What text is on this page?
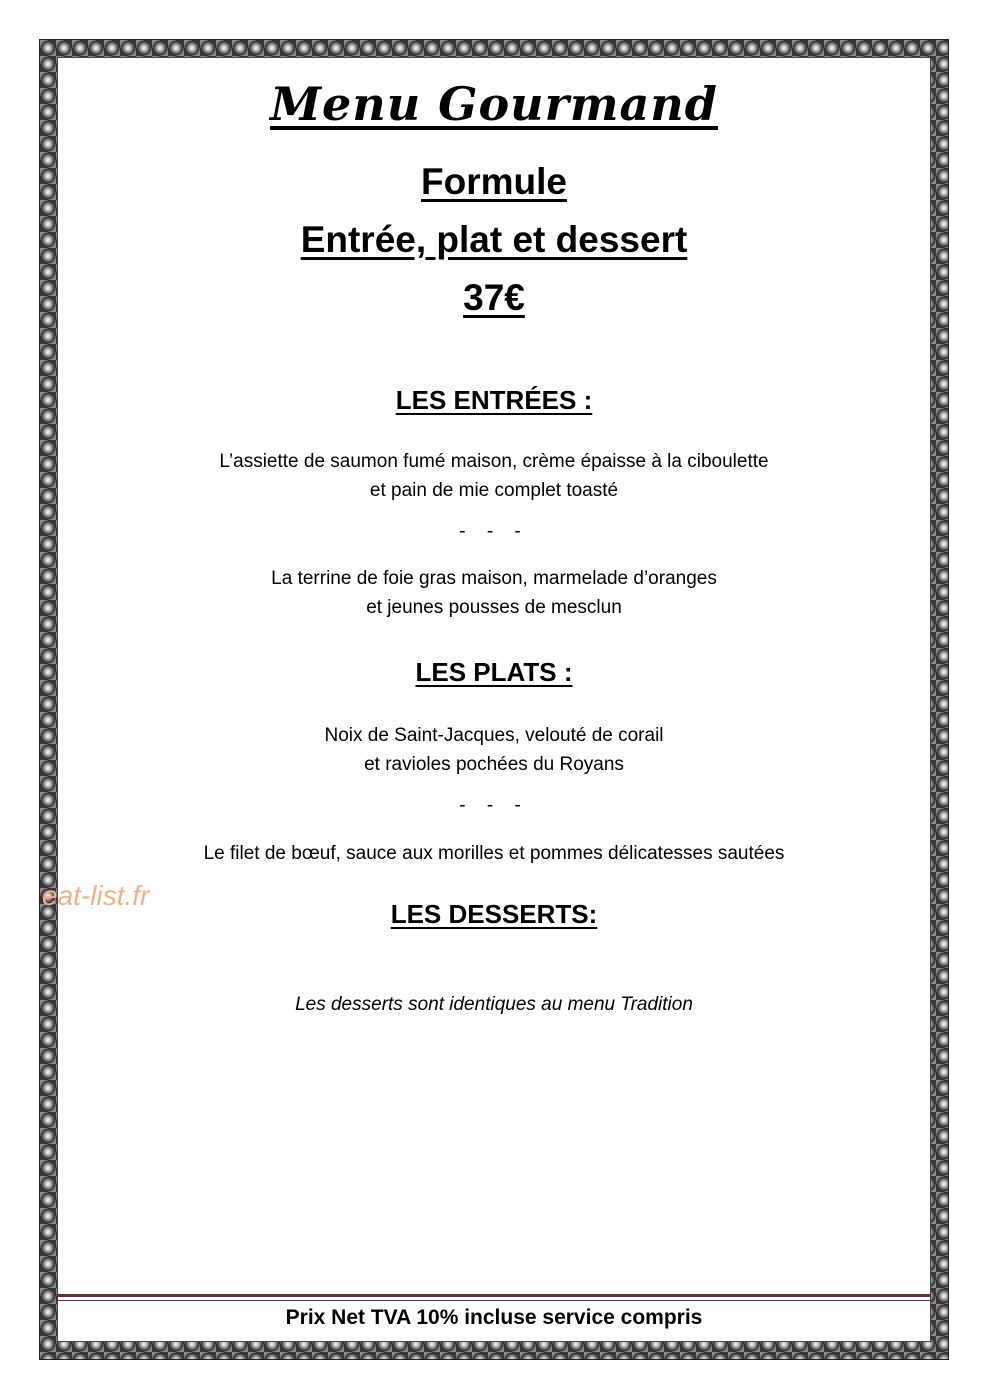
Menu Gourmand
Formule
Entrée, plat et dessert
37€
LES ENTRÉES :
L’assiette de saumon fumé maison, crème épaisse à la ciboulette
et pain de mie complet toasté
- - -
La terrine de foie gras maison, marmelade d’oranges
et jeunes pousses de mesclun
LES PLATS :
Noix de Saint-Jacques, velouté de corail
et ravioles pochées du Royans
- - -
Le filet de bœuf, sauce aux morilles et pommes délicatesses sautées
LES DESSERTS:
Les desserts sont identiques au menu Tradition
eat-list.fr
Prix Net TVA 10% incluse service compris
